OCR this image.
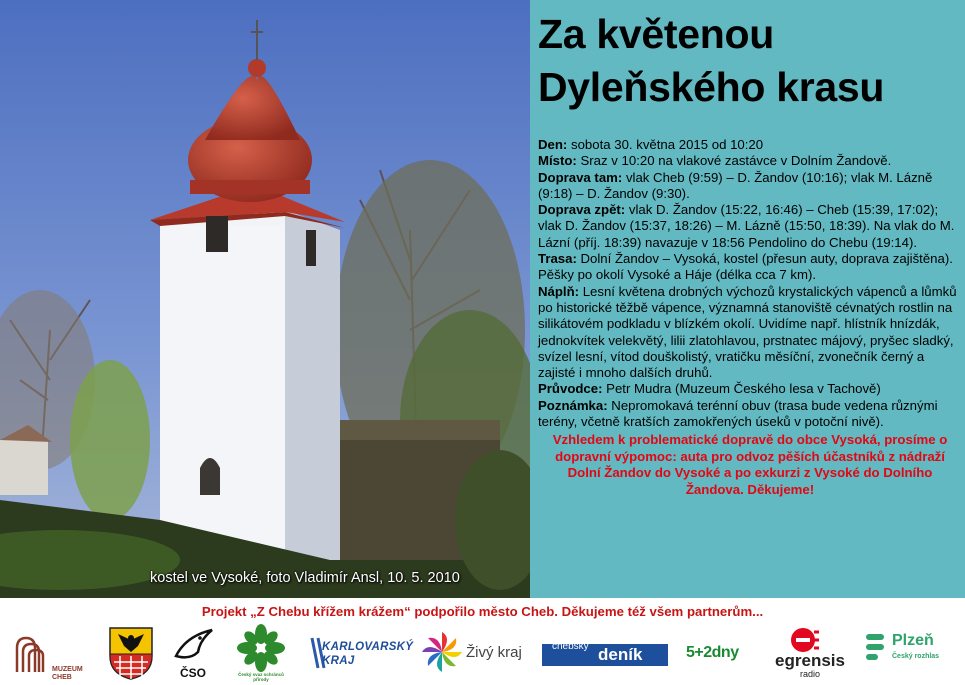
kostel ve Vysoké, foto Vladimír Ansl, 10. 5. 2010
Za květenou
Dyleňského krasu

Den: sobota 30. května 2015 od 10:20

Místo: Sraz v 10:20 na vlakové zastávce v Dolním Žandově.

Doprava tam: vlak Cheb (9:59) – D. Žandov (10:16); vlak M. Lázně (9:18) – D. Žandov (9:30).

Doprava zpět: vlak D. Žandov (15:22, 16:46) – Cheb (15:39, 17:02); vlak D. Žandov (15:37, 18:26) – M. Lázně (15:50, 18:39). Na vlak do M. Lázní (příj. 18:39) navazuje v 18:56 Pendolino do Chebu (19:14).

Trasa: Dolní Žandov – Vysoká, kostel (přesun auty, doprava zajištěna). Pěšky po okolí Vysoké a Háje (délka cca 7 km).

Náplň: Lesní květena drobných výchozů krystalických vápenců a lůmků po historické těžbě vápence, významná stanoviště cévnatých rostlin na silikátovém podkladu v blízkém okolí. Uvidíme např. hlístník hnízdák, jednokvítek velekvětý, lilii zlatohlavou, prstnatec májový, pryšec sladký, svízel lesní, vítod douškolistý, vratičku měsíční, zvonečník černý a zajisté i mnoho dalších druhů.

Průvodce: Petr Mudra (Muzeum Českého lesa v Tachově)

Poznámka: Nepromokavá terénní obuv (trasa bude vedena různými terény, včetně kratších zamokřených úseků v potoční nivě).

Vzhledem k problematické dopravě do obce Vysoká, prosíme o dopravní výpomoc: auta pro odvoz pěších účastníků z nádraží Dolní Žandov do Vysoké a po exkurzi z Vysoké do Dolního Žandova. Děkujeme!

Projekt „Z Chebu křížem krážem“ podpořilo město Cheb. Děkujeme též všem partnerům...
MUZEUM
CHEB	ČSO	Český svaz ochránců přírody
KARLOVARSKÝ
KRAJ	Živý kraj	chebský deník	5+2dny	egrensis
radio
Plzeň
Český rozhlas
